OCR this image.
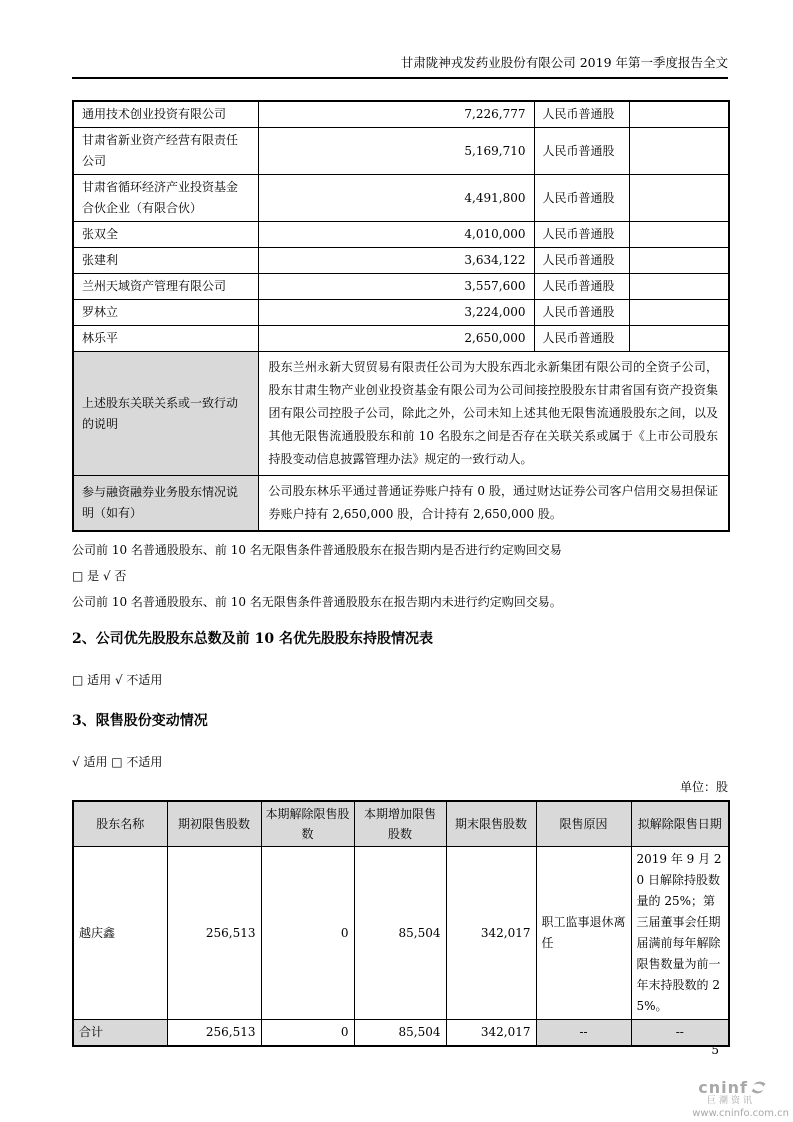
甘肃陇神戎发药业股份有限公司 2019 年第一季度报告全文
通用技术创业投资有限公司	7,226,777	人民币普通股	
甘肃省新业资产经营有限责任公司	5,169,710	人民币普通股	
甘肃省循环经济产业投资基金合伙企业（有限合伙）	4,491,800	人民币普通股	
张双全	4,010,000	人民币普通股	
张建利	3,634,122	人民币普通股	
兰州天域资产管理有限公司	3,557,600	人民币普通股	
罗林立	3,224,000	人民币普通股	
林乐平	2,650,000	人民币普通股	
上述股东关联关系或一致行动的说明	股东兰州永新大贸贸易有限责任公司为大股东西北永新集团有限公司的全资子公司，股东甘肃生物产业创业投资基金有限公司为公司间接控股股东甘肃省国有资产投资集团有限公司控股子公司，除此之外，公司未知上述其他无限售流通股股东之间，以及其他无限售流通股股东和前 10 名股东之间是否存在关联关系或属于《上市公司股东持股变动信息披露管理办法》规定的一致行动人。		
参与融资融券业务股东情况说明（如有）	公司股东林乐平通过普通证券账户持有 0 股，通过财达证券公司客户信用交易担保证券账户持有 2,650,000 股，合计持有 2,650,000 股。		

公司前 10 名普通股股东、前 10 名无限售条件普通股股东在报告期内是否进行约定购回交易

□ 是 √ 否

公司前 10 名普通股股东、前 10 名无限售条件普通股股东在报告期内未进行约定购回交易。

2、公司优先股股东总数及前 10 名优先股股东持股情况表

□ 适用 √ 不适用

3、限售股份变动情况

√ 适用 □ 不适用

单位：股
股东名称	期初限售股数	本期解除限售股数	本期增加限售股数	期末限售股数	限售原因	拟解除限售日期
越庆鑫	256,513	0	85,504	342,017	职工监事退休离任	2019 年 9 月 20 日解除持股数量的 25%；第三届董事会任期届满前每年解除限售数量为前一年末持股数的 25%。
合计	256,513	0	85,504	342,017	--	--
5
cninf
巨潮资讯
www.cninfo.com.cn
